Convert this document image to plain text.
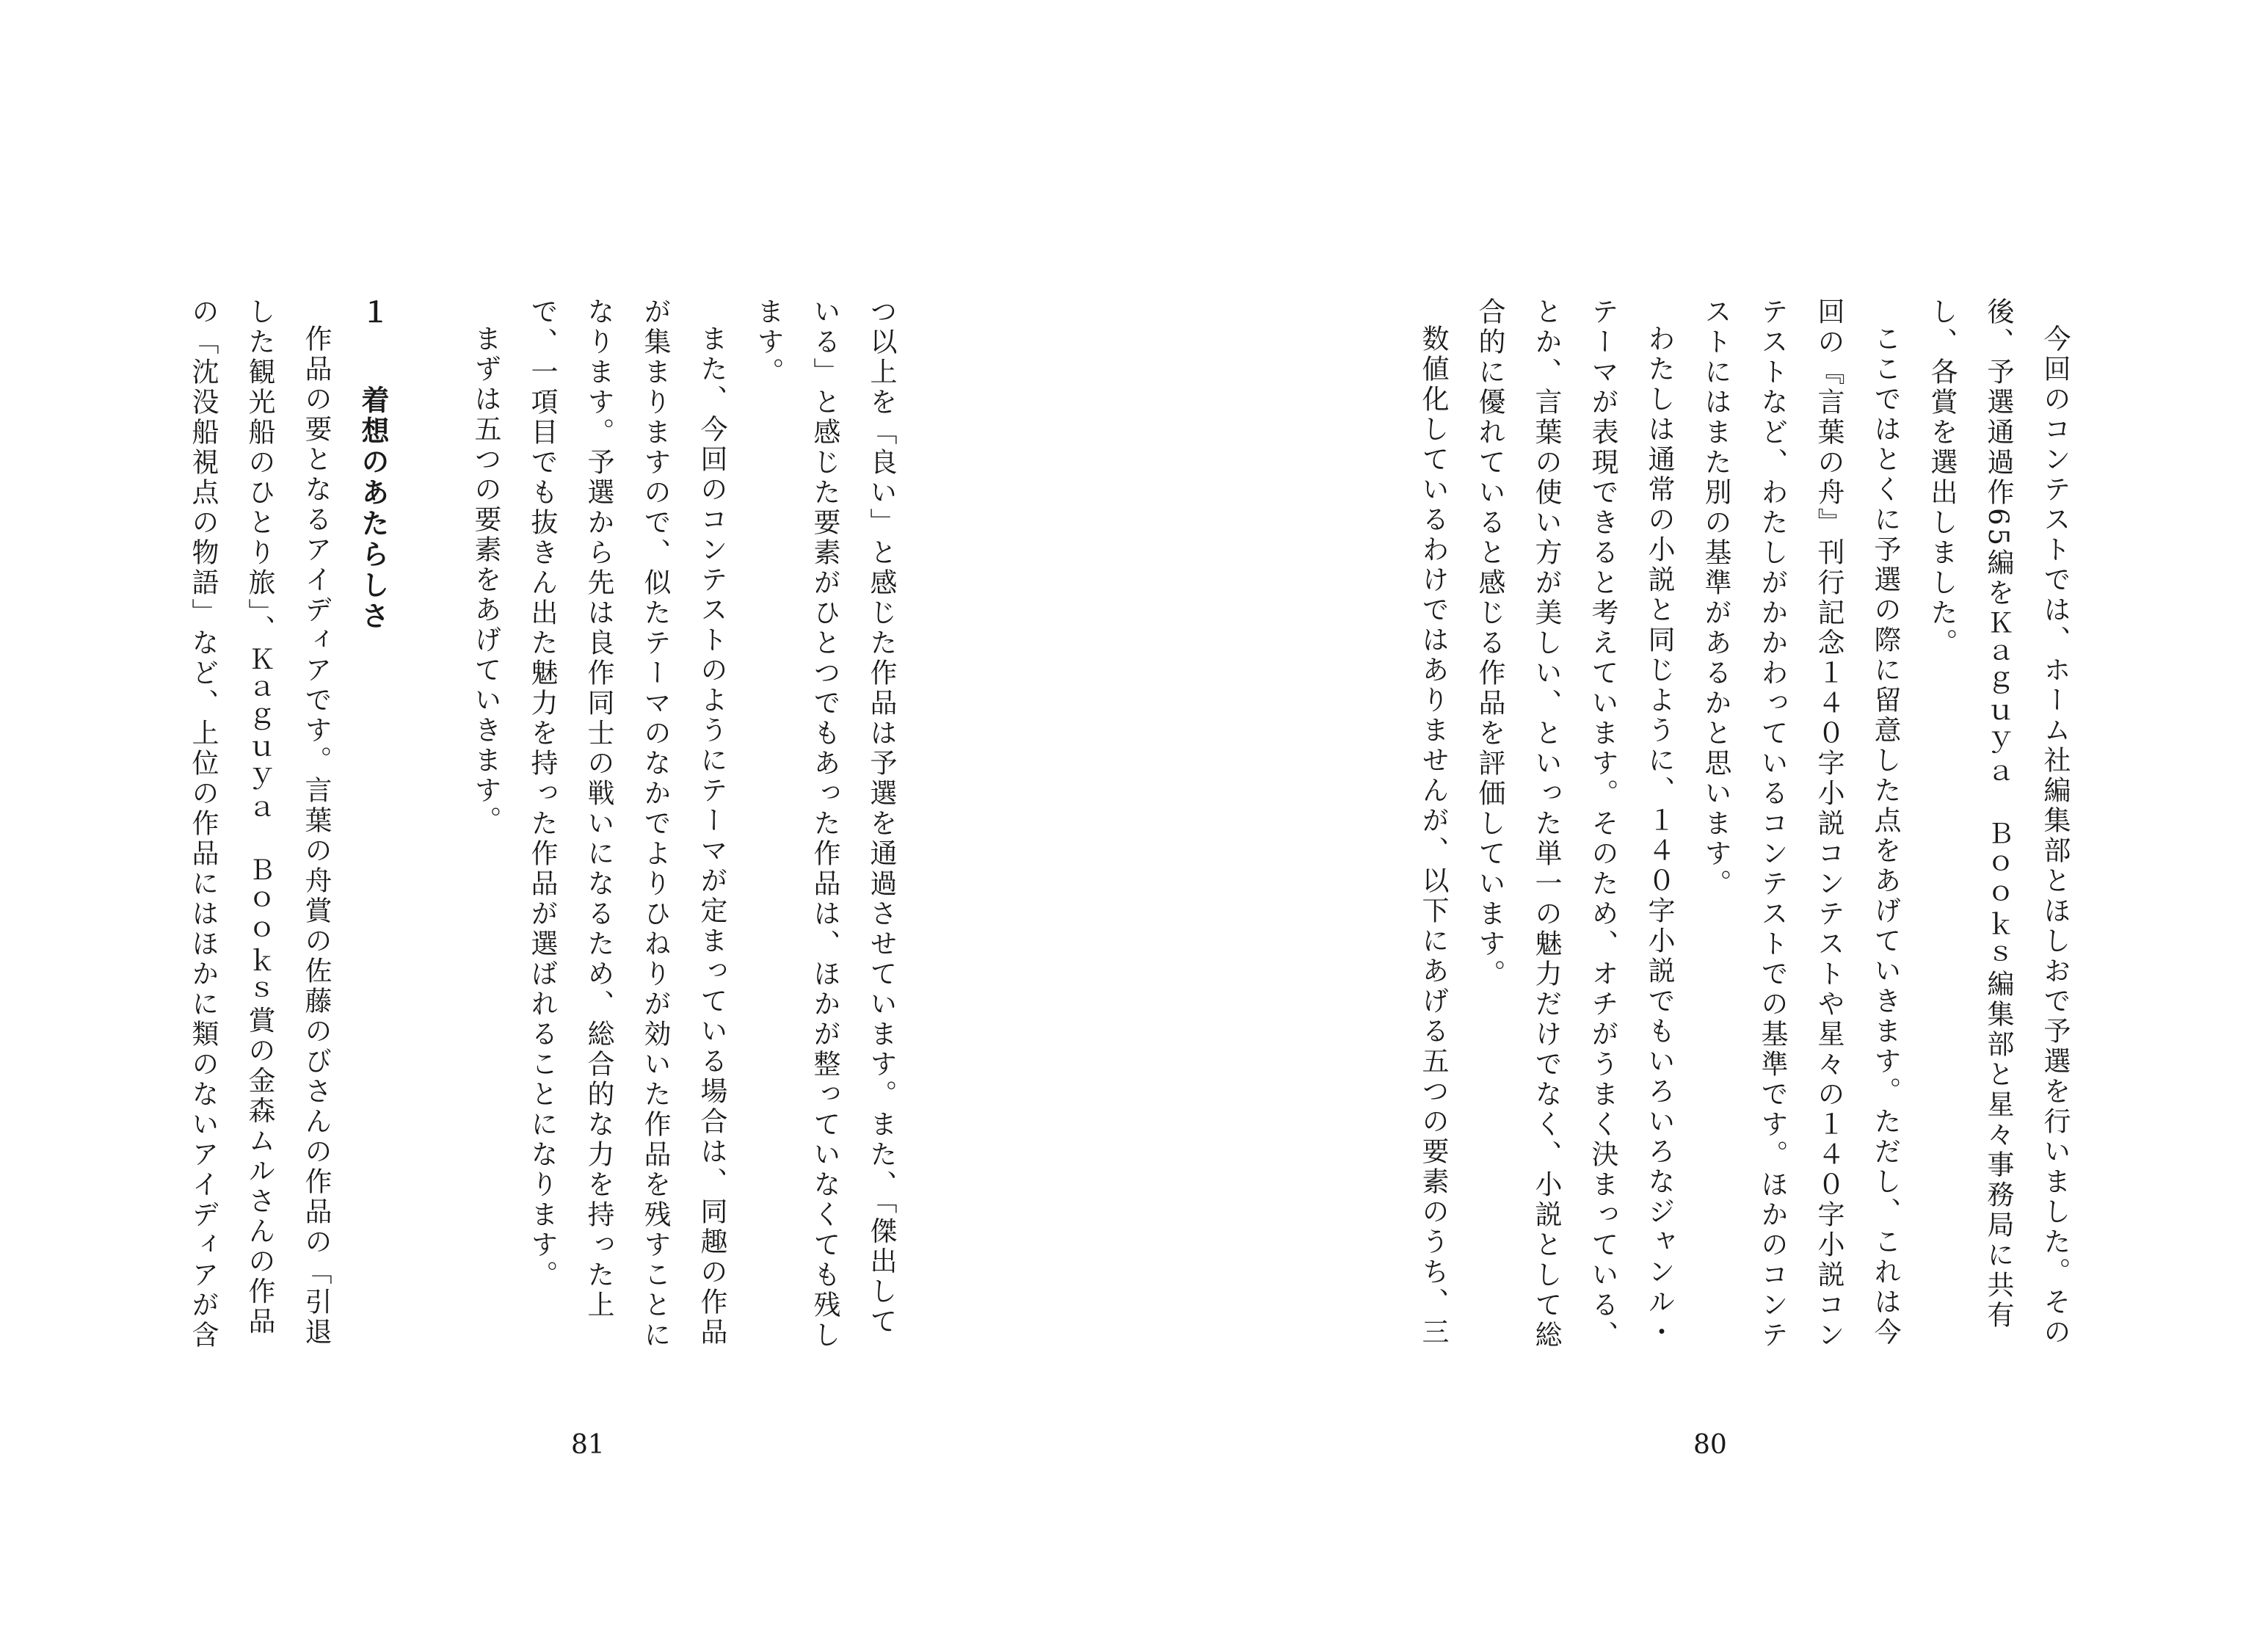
今回のコンテストでは、ホーム社編集部とほしおで予選を行いました。その後、予選通過作65編をＫａｇｕｙａ　Ｂｏｏｋｓ編集部と星々事務局に共有し、各賞を選出しました。

ここではとくに予選の際に留意した点をあげていきます。ただし、これは今回の『言葉の舟』刊行記念１４０字小説コンテストや星々の１４０字小説コンテストなど、わたしがかかわっているコンテストでの基準です。ほかのコンテストにはまた別の基準があるかと思います。

わたしは通常の小説と同じように、１４０字小説でもいろいろなジャンル・テーマが表現できると考えています。そのため、オチがうまく決まっている、とか、言葉の使い方が美しい、といった単一の魅力だけでなく、小説として総合的に優れていると感じる作品を評価しています。

数値化しているわけではありませんが、以下にあげる五つの要素のうち、三

80

つ以上を「良い」と感じた作品は予選を通過させています。また、「傑出している」と感じた要素がひとつでもあった作品は、ほかが整っていなくても残します。

また、今回のコンテストのようにテーマが定まっている場合は、同趣の作品が集まりますので、似たテーマのなかでよりひねりが効いた作品を残すことになります。予選から先は良作同士の戦いになるため、総合的な力を持った上で、一項目でも抜きん出た魅力を持った作品が選ばれることになります。

まずは五つの要素をあげていきます。

１　着想のあたらしさ

作品の要となるアイディアです。言葉の舟賞の佐藤のびさんの作品の「引退した観光船のひとり旅」、Ｋａｇｕｙａ　Ｂｏｏｋｓ賞の金森ムルさんの作品の「沈没船視点の物語」など、上位の作品にはほかに類のないアイディアが含

81
